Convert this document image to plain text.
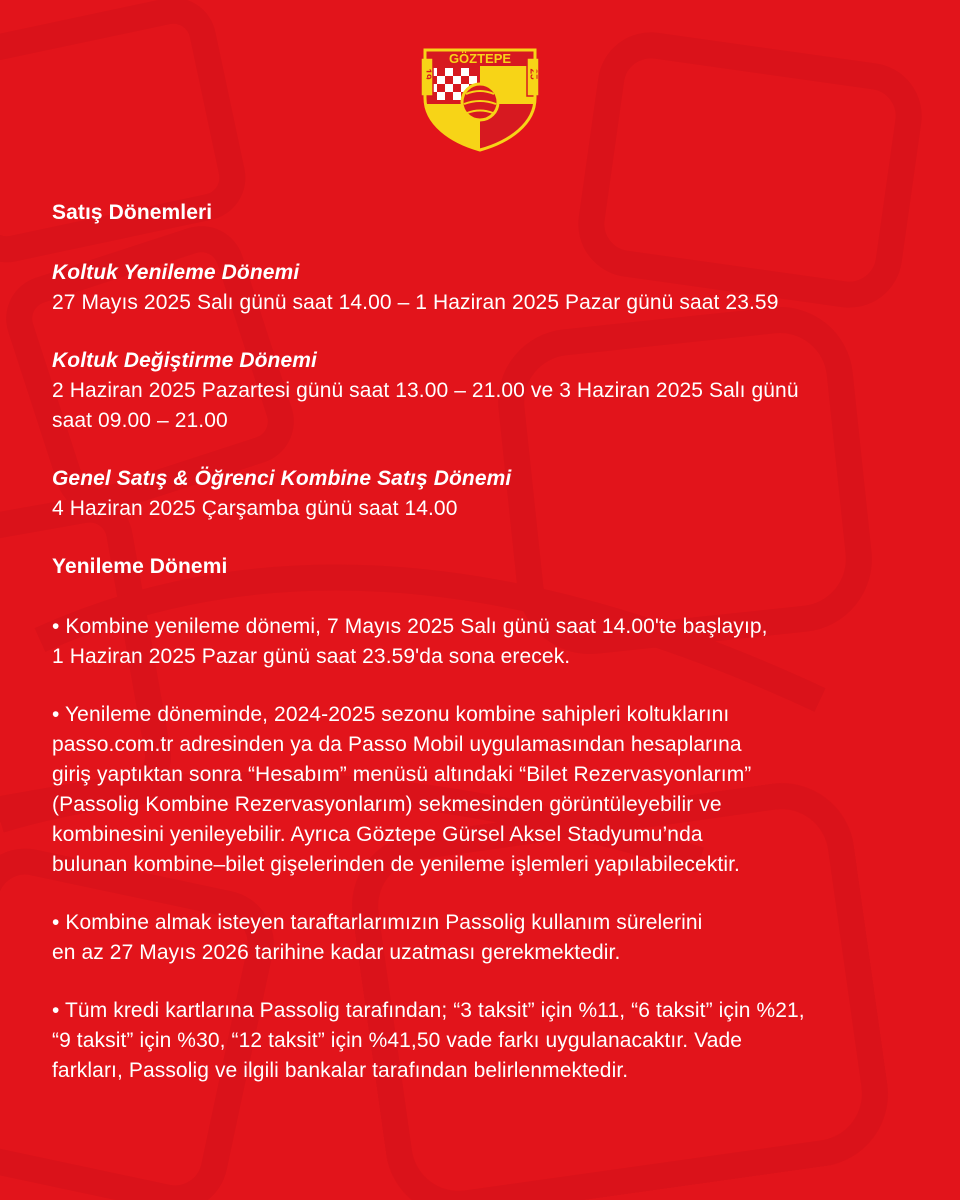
GÖZTEPE
19	25

Satış Dönemleri

Koltuk Yenileme Dönemi

27 Mayıs 2025 Salı günü saat 14.00 – 1 Haziran 2025 Pazar günü saat 23.59

Koltuk Değiştirme Dönemi

2 Haziran 2025 Pazartesi günü saat 13.00 – 21.00 ve 3 Haziran 2025 Salı günü

saat 09.00 – 21.00

Genel Satış & Öğrenci Kombine Satış Dönemi

4 Haziran 2025 Çarşamba günü saat 14.00

Yenileme Dönemi

• Kombine yenileme dönemi, 7 Mayıs 2025 Salı günü saat 14.00'te başlayıp,

1 Haziran 2025 Pazar günü saat 23.59'da sona erecek.

• Yenileme döneminde, 2024-2025 sezonu kombine sahipleri koltuklarını

passo.com.tr adresinden ya da Passo Mobil uygulamasından hesaplarına

giriş yaptıktan sonra “Hesabım” menüsü altındaki “Bilet Rezervasyonlarım”

(Passolig Kombine Rezervasyonlarım) sekmesinden görüntüleyebilir ve

kombinesini yenileyebilir. Ayrıca Göztepe Gürsel Aksel Stadyumu’nda

bulunan kombine–bilet gişelerinden de yenileme işlemleri yapılabilecektir.

• Kombine almak isteyen taraftarlarımızın Passolig kullanım sürelerini

en az 27 Mayıs 2026 tarihine kadar uzatması gerekmektedir.

• Tüm kredi kartlarına Passolig tarafından; “3 taksit” için %11, “6 taksit” için %21,

“9 taksit” için %30, “12 taksit” için %41,50 vade farkı uygulanacaktır. Vade

farkları, Passolig ve ilgili bankalar tarafından belirlenmektedir.
